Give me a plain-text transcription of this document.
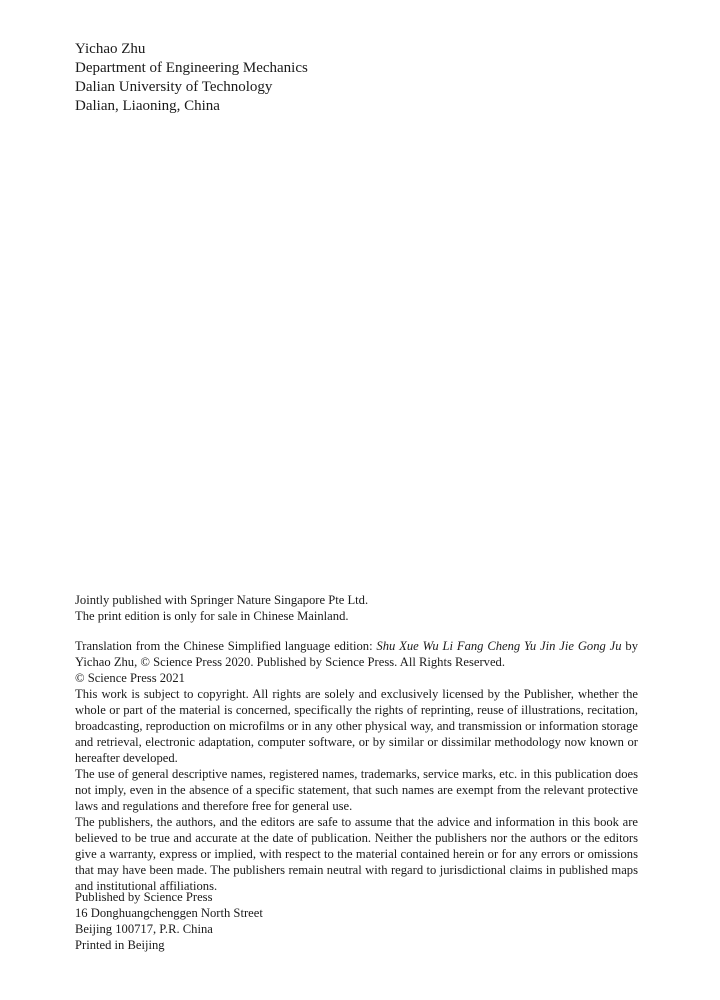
Yichao Zhu
Department of Engineering Mechanics
Dalian University of Technology
Dalian, Liaoning, China

Jointly published with Springer Nature Singapore Pte Ltd.

The print edition is only for sale in Chinese Mainland.

Translation from the Chinese Simplified language edition: Shu Xue Wu Li Fang Cheng Yu Jin Jie Gong Ju by Yichao Zhu, © Science Press 2020. Published by Science Press. All Rights Reserved.

© Science Press 2021

This work is subject to copyright. All rights are solely and exclusively licensed by the Publisher, whether the whole or part of the material is concerned, specifically the rights of reprinting, reuse of illustrations, recitation, broadcasting, reproduction on microfilms or in any other physical way, and transmission or information storage and retrieval, electronic adaptation, computer software, or by similar or dissimilar methodology now known or hereafter developed.

The use of general descriptive names, registered names, trademarks, service marks, etc. in this publication does not imply, even in the absence of a specific statement, that such names are exempt from the relevant protective laws and regulations and therefore free for general use.

The publishers, the authors, and the editors are safe to assume that the advice and information in this book are believed to be true and accurate at the date of publication. Neither the publishers nor the authors or the editors give a warranty, express or implied, with respect to the material contained herein or for any errors or omissions that may have been made. The publishers remain neutral with regard to jurisdictional claims in published maps and institutional affiliations.

Published by Science Press
16 Donghuangchenggen North Street
Beijing 100717, P.R. China
Printed in Beijing
